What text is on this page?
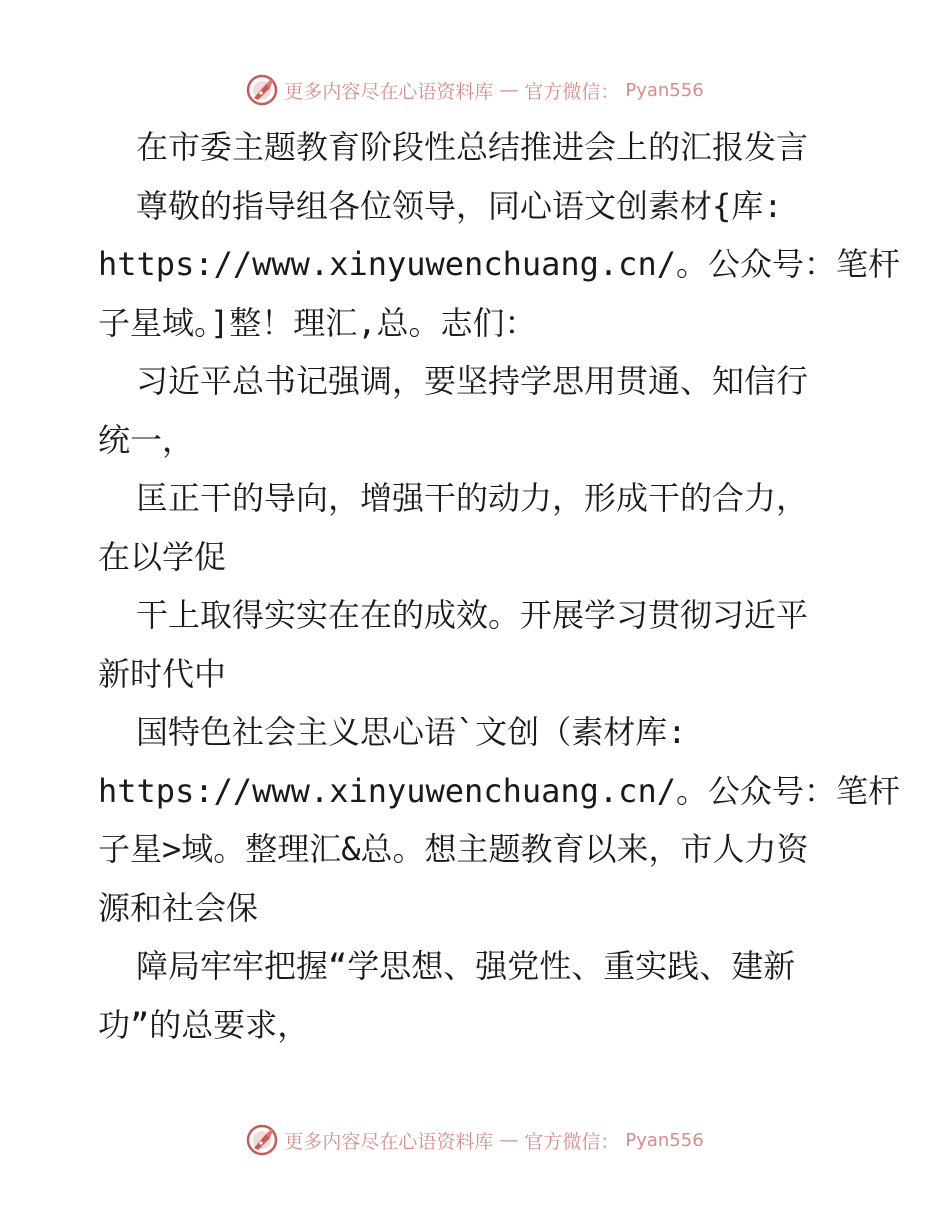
更多内容尽在心语资料库 — 官方微信： Pyan556
在市委主题教育阶段性总结推进会上的汇报发言
尊敬的指导组各位领导，同心语文创素材{库:
https://www.xinyuwenchuang.cn/。公众号：笔杆
子星域。]整！理汇,总。志们：
习近平总书记强调，要坚持学思用贯通、知信行
统一，
匡正干的导向，增强干的动力，形成干的合力，
在以学促
干上取得实实在在的成效。开展学习贯彻习近平
新时代中
国特色社会主义思心语`文创（素材库:
https://www.xinyuwenchuang.cn/。公众号：笔杆
子星>域。整理汇&总。想主题教育以来，市人力资
源和社会保
障局牢牢把握“学思想、强党性、重实践、建新
功”的总要求，
更多内容尽在心语资料库 — 官方微信： Pyan556
